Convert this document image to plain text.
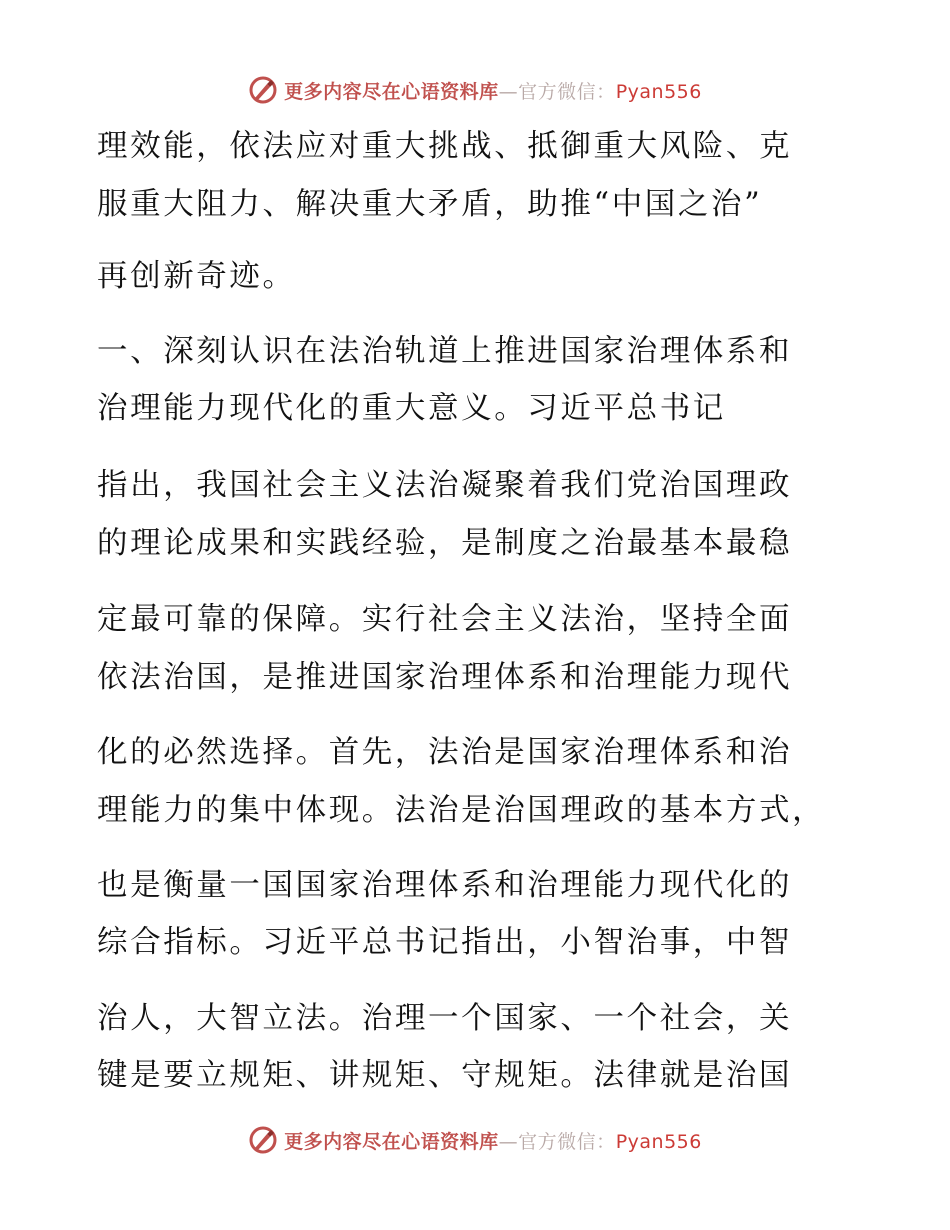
更多内容尽在心语资料库—官方微信：Pyan556
理效能，依法应对重大挑战、抵御重大风险、克
服重大阻力、解决重大矛盾，助推“中国之治”
再创新奇迹。
一、深刻认识在法治轨道上推进国家治理体系和
治理能力现代化的重大意义。习近平总书记
指出，我国社会主义法治凝聚着我们党治国理政
的理论成果和实践经验，是制度之治最基本最稳
定最可靠的保障。实行社会主义法治，坚持全面
依法治国，是推进国家治理体系和治理能力现代
化的必然选择。首先，法治是国家治理体系和治
理能力的集中体现。法治是治国理政的基本方式，
也是衡量一国国家治理体系和治理能力现代化的
综合指标。习近平总书记指出，小智治事，中智
治人，大智立法。治理一个国家、一个社会，关
键是要立规矩、讲规矩、守规矩。法律就是治国
更多内容尽在心语资料库—官方微信：Pyan556
